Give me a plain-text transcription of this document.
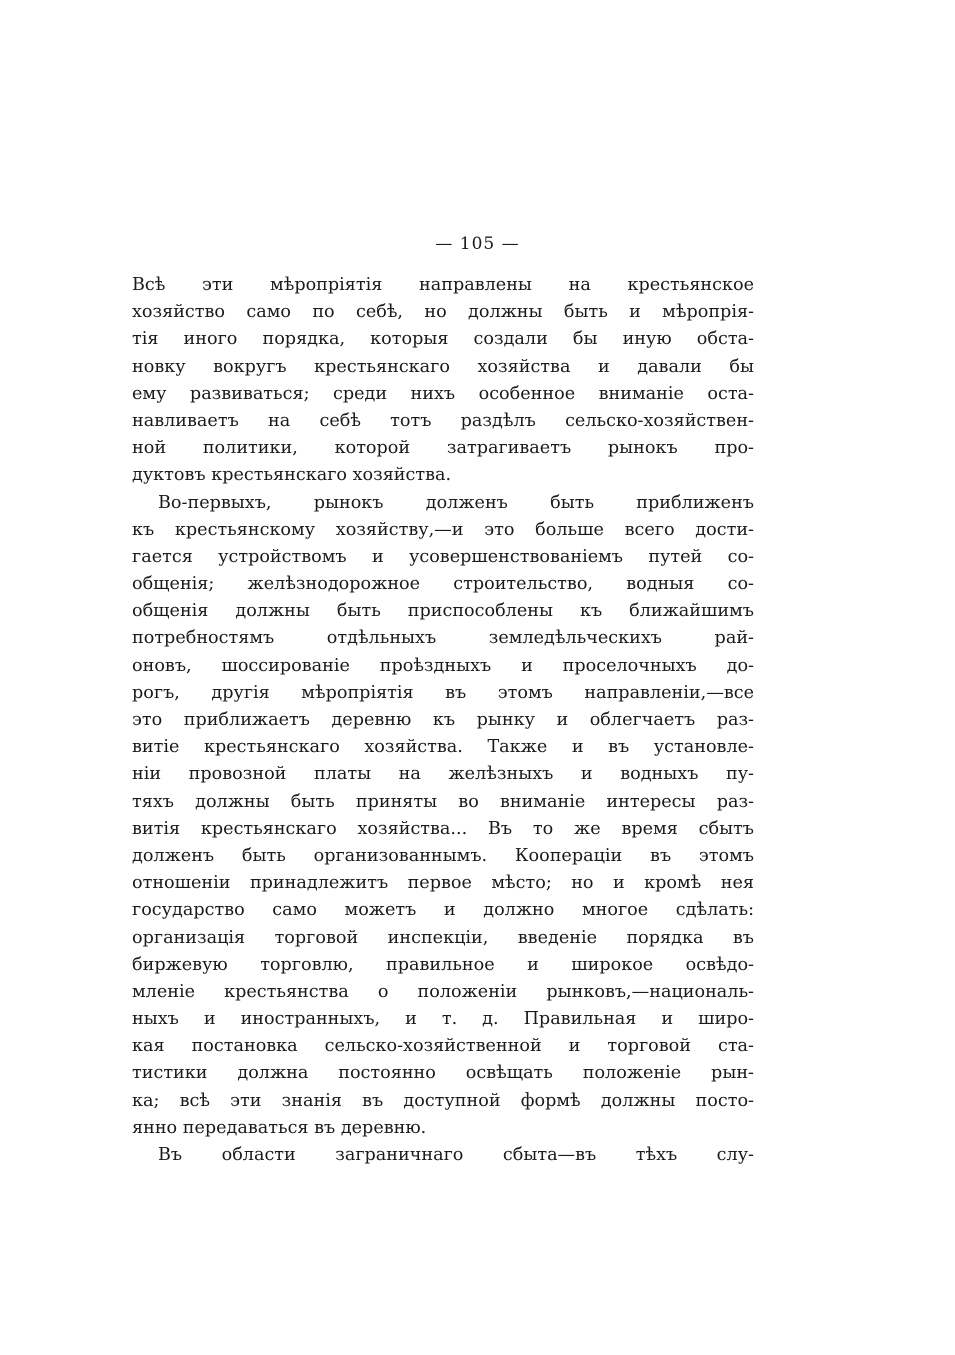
— 105 —
Всѣ эти мѣропріятія направлены на крестьянское
хозяйство само по себѣ, но должны быть и мѣропрія-
тія иного порядка, которыя создали бы иную обста-
новку вокругъ крестьянскаго хозяйства и давали бы
ему развиваться; среди нихъ особенное вниманіе оста-
навливаетъ на себѣ тотъ раздѣлъ сельско-хозяйствен-
ной политики, которой затрагиваетъ рынокъ про-
дуктовъ крестьянскаго хозяйства.
Во-первыхъ, рынокъ долженъ быть приближенъ
къ крестьянскому хозяйству,—и это больше всего дости-
гается устройствомъ и усовершенствованіемъ путей со-
общенія; желѣзнодорожное строительство, водныя со-
общенія должны быть приспособлены къ ближайшимъ
потребностямъ отдѣльныхъ земледѣльческихъ рай-
оновъ, шоссированіе проѣздныхъ и проселочныхъ до-
рогъ, другія мѣропріятія въ этомъ направленіи,—все
это приближаетъ деревню къ рынку и облегчаетъ раз-
витіе крестьянскаго хозяйства. Также и въ установле-
ніи провозной платы на желѣзныхъ и водныхъ пу-
тяхъ должны быть приняты во вниманіе интересы раз-
витія крестьянскаго хозяйства... Въ то же время сбытъ
долженъ быть организованнымъ. Коопераціи въ этомъ
отношеніи принадлежитъ первое мѣсто; но и кромѣ нея
государство само можетъ и должно многое сдѣлать:
организація торговой инспекціи, введеніе порядка въ
биржевую торговлю, правильное и широкое освѣдо-
мленіе крестьянства о положеніи рынковъ,—националь-
ныхъ и иностранныхъ, и т. д. Правильная и широ-
кая постановка сельско-хозяйственной и торговой ста-
тистики должна постоянно освѣщать положеніе рын-
ка; всѣ эти знанія въ доступной формѣ должны посто-
янно передаваться въ деревню.
Въ области заграничнаго сбыта—въ тѣхъ слу-
